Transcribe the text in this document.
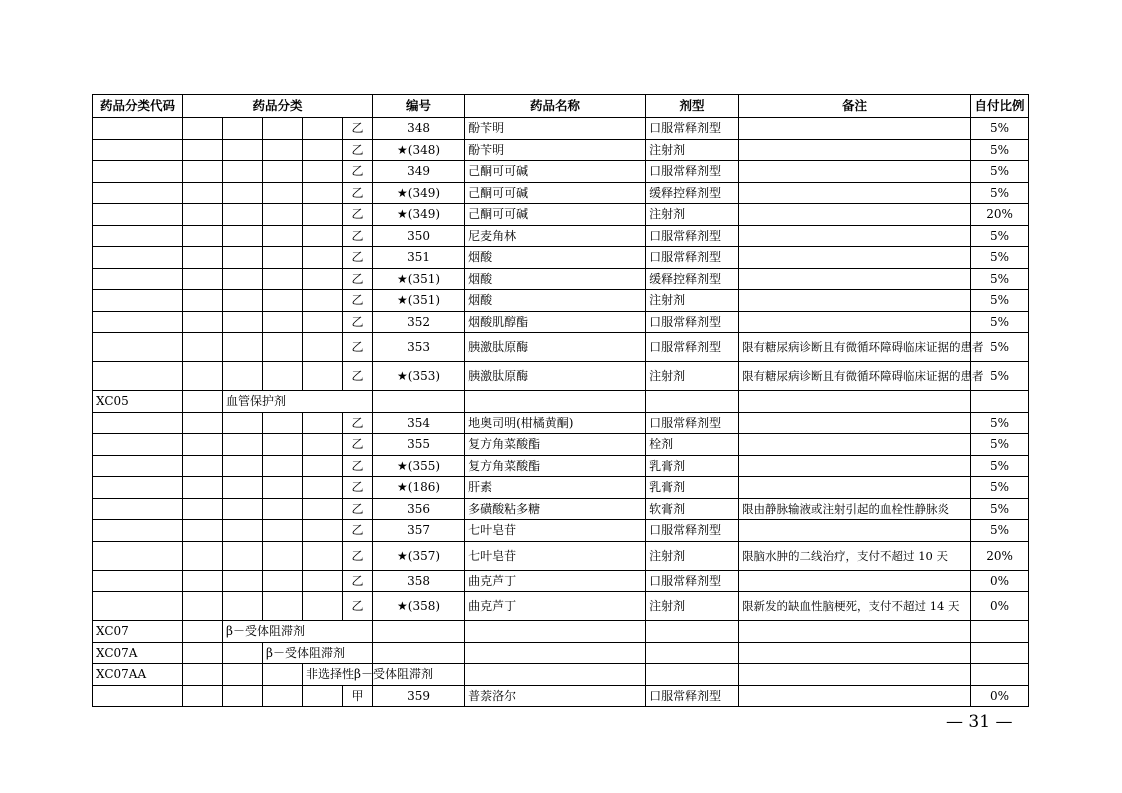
药品分类代码	药品分类					编号	药品名称	剂型	备注	自付比例
					乙	348	酚苄明	口服常释剂型		5%
					乙	★(348)	酚苄明	注射剂		5%
					乙	349	己酮可可碱	口服常释剂型		5%
					乙	★(349)	己酮可可碱	缓释控释剂型		5%
					乙	★(349)	己酮可可碱	注射剂		20%
					乙	350	尼麦角林	口服常释剂型		5%
					乙	351	烟酸	口服常释剂型		5%
					乙	★(351)	烟酸	缓释控释剂型		5%
					乙	★(351)	烟酸	注射剂		5%
					乙	352	烟酸肌醇酯	口服常释剂型		5%
					乙	353	胰激肽原酶	口服常释剂型	限有糖尿病诊断且有微循环障碍临床证据的患者	5%
					乙	★(353)	胰激肽原酶	注射剂	限有糖尿病诊断且有微循环障碍临床证据的患者	5%
XC05		血管保护剂								
					乙	354	地奥司明(柑橘黄酮)	口服常释剂型		5%
					乙	355	复方角菜酸酯	栓剂		5%
					乙	★(355)	复方角菜酸酯	乳膏剂		5%
					乙	★(186)	肝素	乳膏剂		5%
					乙	356	多磺酸粘多糖	软膏剂	限由静脉输液或注射引起的血栓性静脉炎	5%
					乙	357	七叶皂苷	口服常释剂型		5%
					乙	★(357)	七叶皂苷	注射剂	限脑水肿的二线治疗，支付不超过 10 天	20%
					乙	358	曲克芦丁	口服常释剂型		0%
					乙	★(358)	曲克芦丁	注射剂	限新发的缺血性脑梗死，支付不超过 14 天	0%
XC07		β－受体阻滞剂								
XC07A			β－受体阻滞剂							
XC07AA				非选择性β－受体阻滞剂						
					甲	359	普萘洛尔	口服常释剂型		0%
— 31 —
